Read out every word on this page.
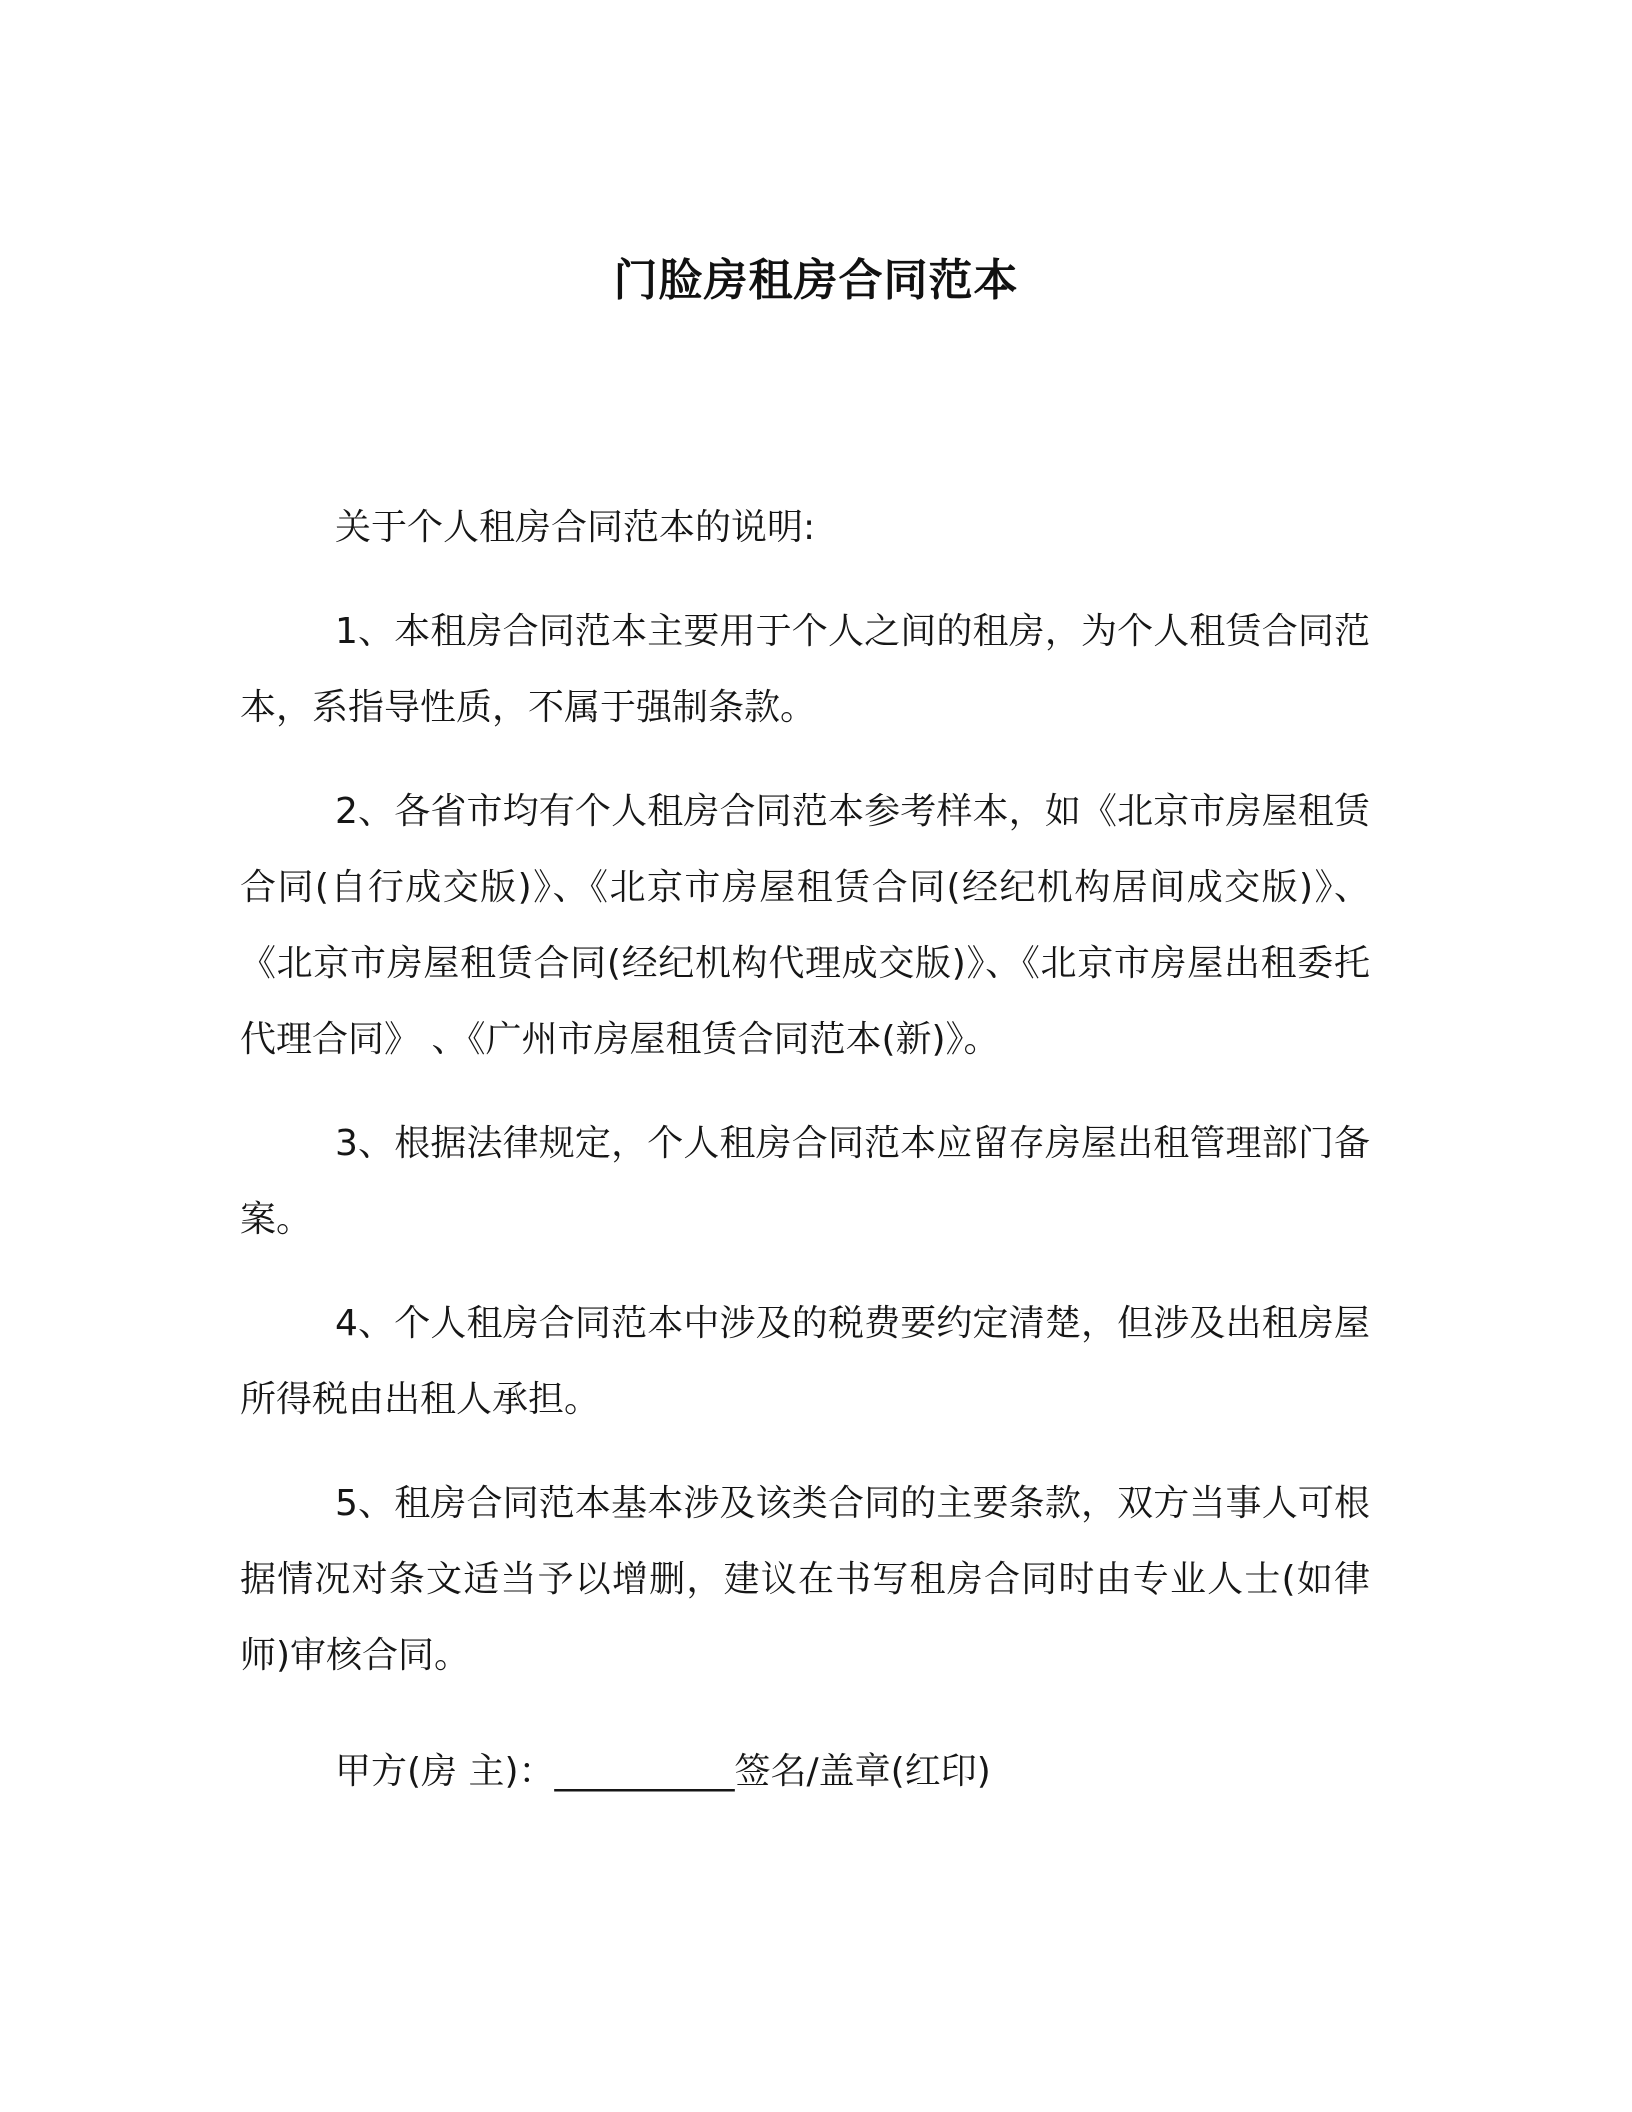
门脸房租房合同范本

关于个人租房合同范本的说明:

1、本租房合同范本主要用于个人之间的租房，为个人租赁合同范本，系指导性质，不属于强制条款。

2、各省市均有个人租房合同范本参考样本，如《北京市房屋租赁合同(自行成交版)》、《北京市房屋租赁合同(经纪机构居间成交版)》、《北京市房屋租赁合同(经纪机构代理成交版)》、《北京市房屋出租委托代理合同》 、《广州市房屋租赁合同范本(新)》。

3、根据法律规定，个人租房合同范本应留存房屋出租管理部门备案。

4、个人租房合同范本中涉及的税费要约定清楚，但涉及出租房屋所得税由出租人承担。

5、租房合同范本基本涉及该类合同的主要条款，双方当事人可根据情况对条文适当予以增删，建议在书写租房合同时由专业人士(如律师)审核合同。

甲方(房 主)：__________签名/盖章(红印)
